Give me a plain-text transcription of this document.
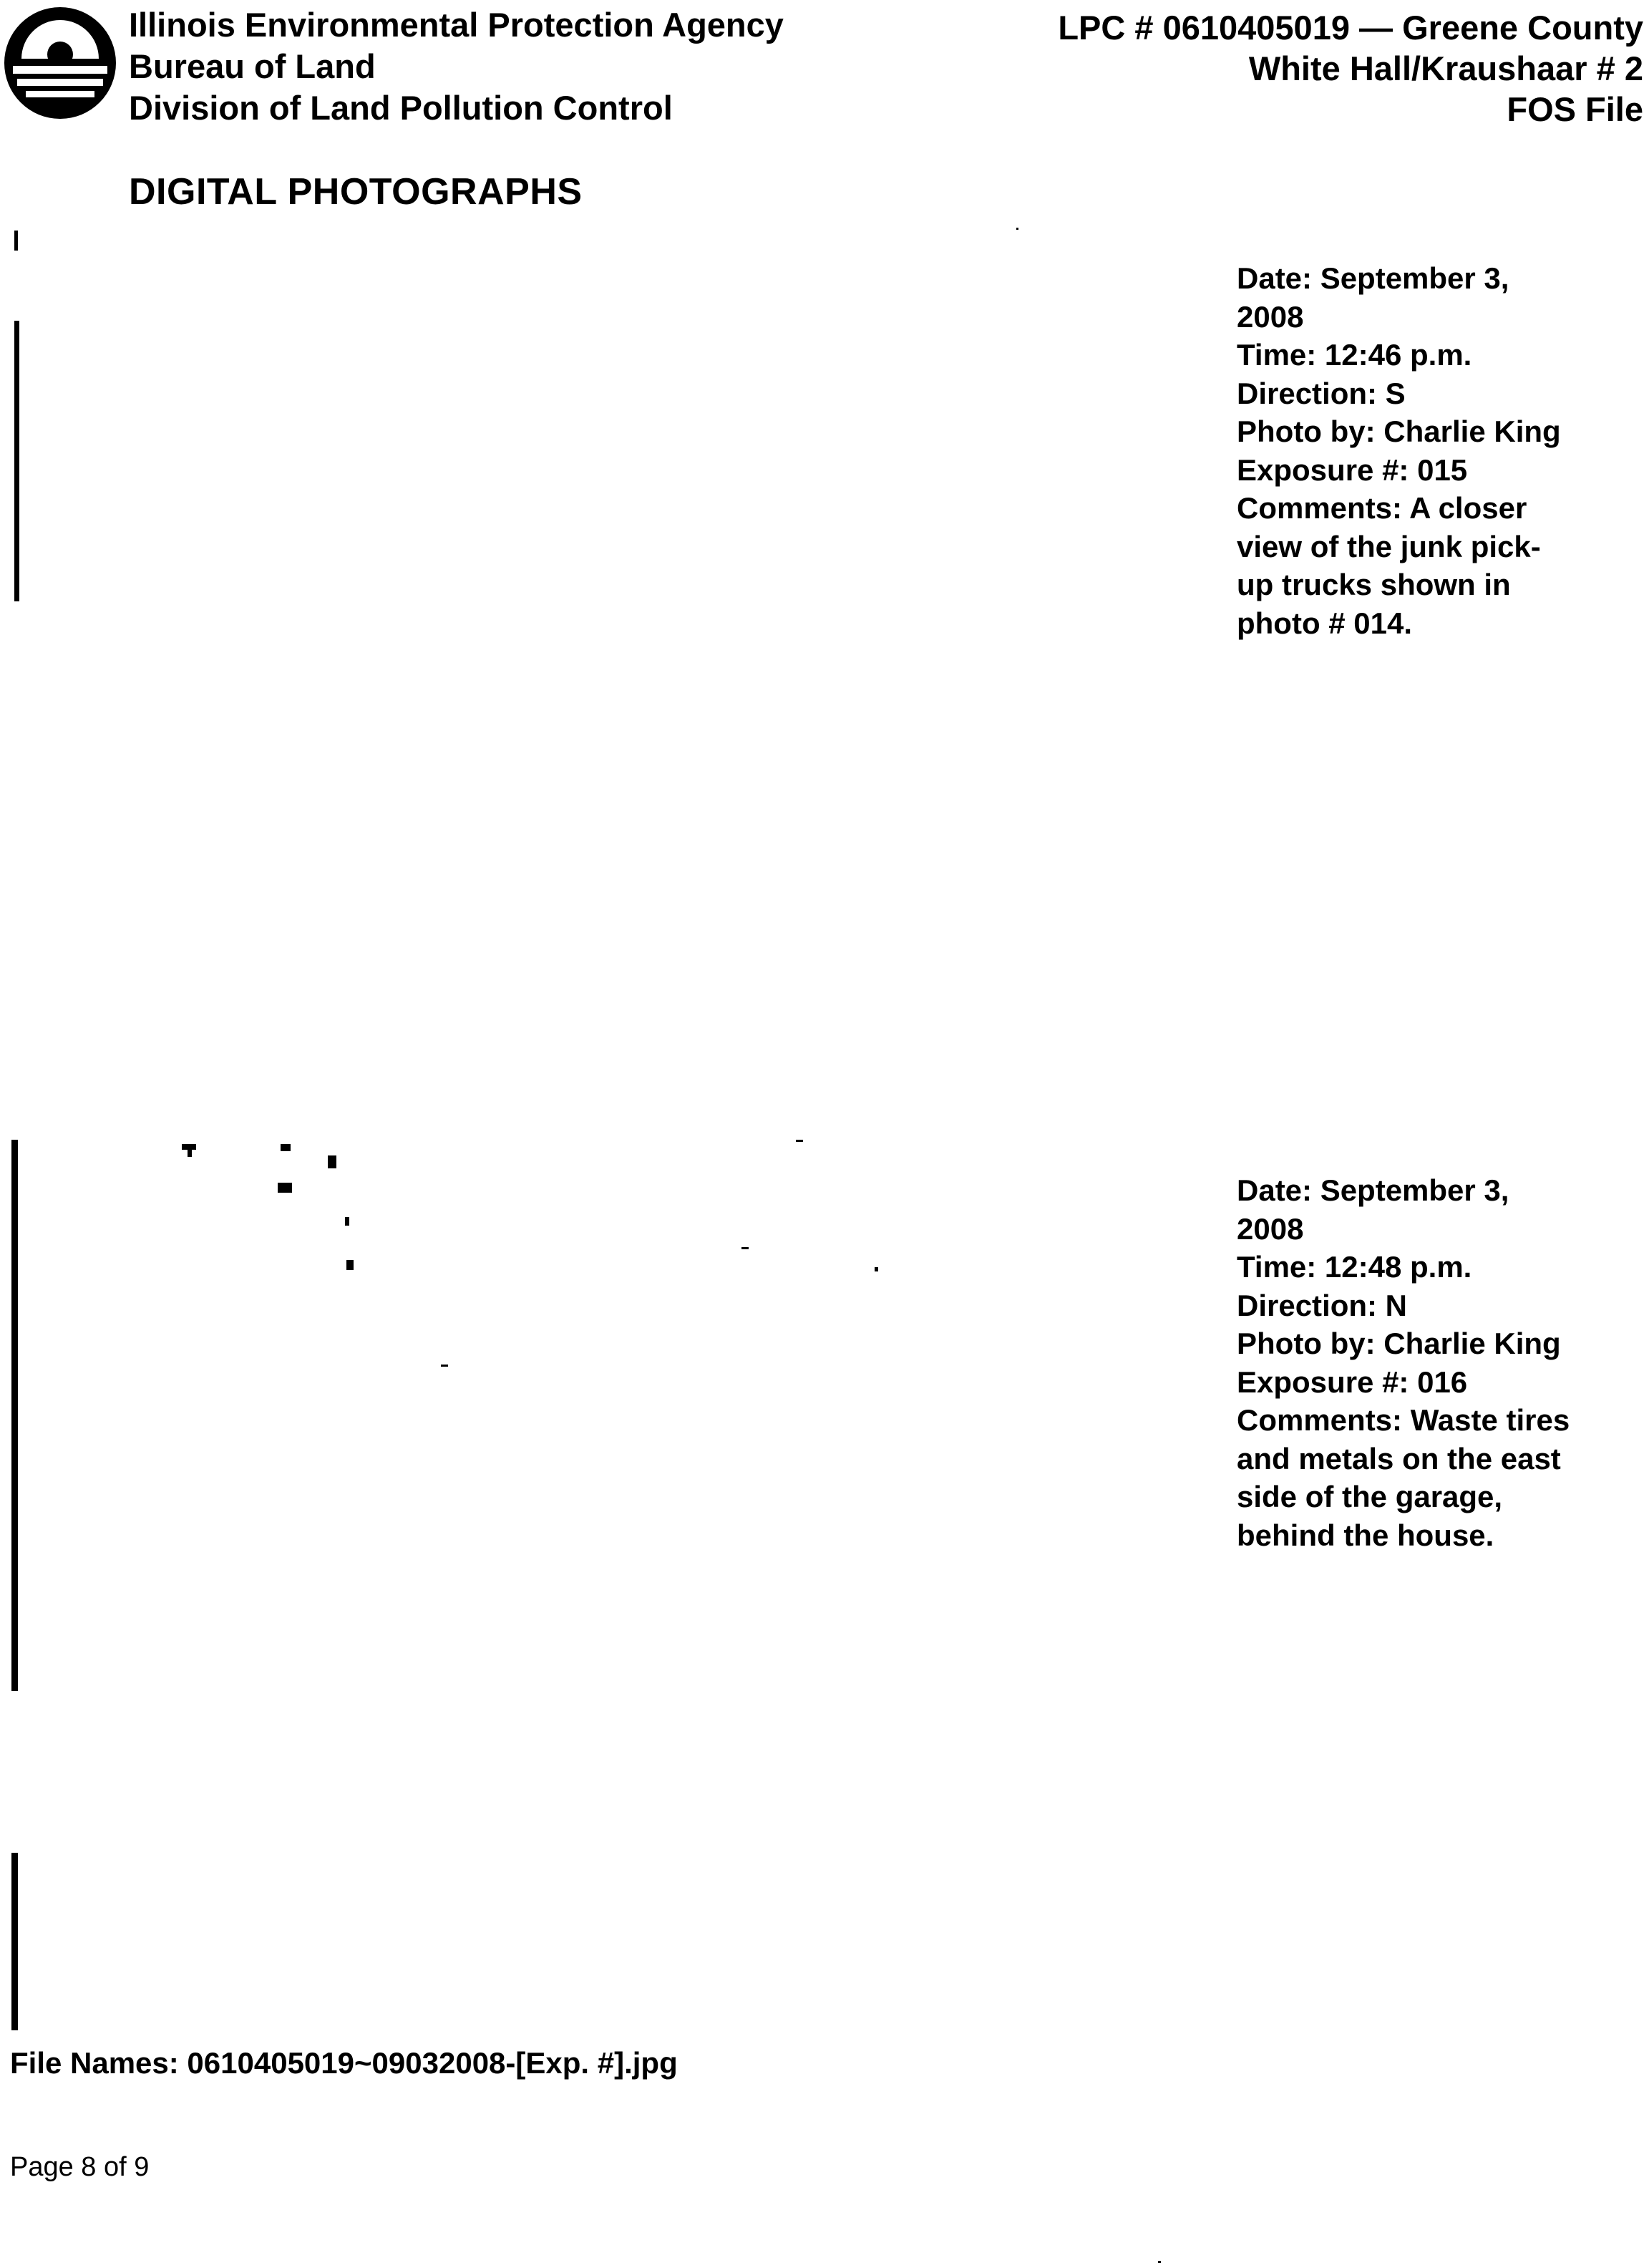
Illinois Environmental Protection Agency
Bureau of Land
Division of Land Pollution Control
LPC # 0610405019 — Greene County
White Hall/Kraushaar # 2
FOS File
DIGITAL PHOTOGRAPHS
Date: September 3,
2008
Time: 12:46 p.m.
Direction: S
Photo by: Charlie King
Exposure #: 015
Comments: A closer
view of the junk pick-
up trucks shown in
photo # 014.
Date: September 3,
2008
Time: 12:48 p.m.
Direction: N
Photo by: Charlie King
Exposure #: 016
Comments: Waste tires
and metals on the east
side of the garage,
behind the house.
File Names: 0610405019~09032008-[Exp. #].jpg
Page 8 of 9
